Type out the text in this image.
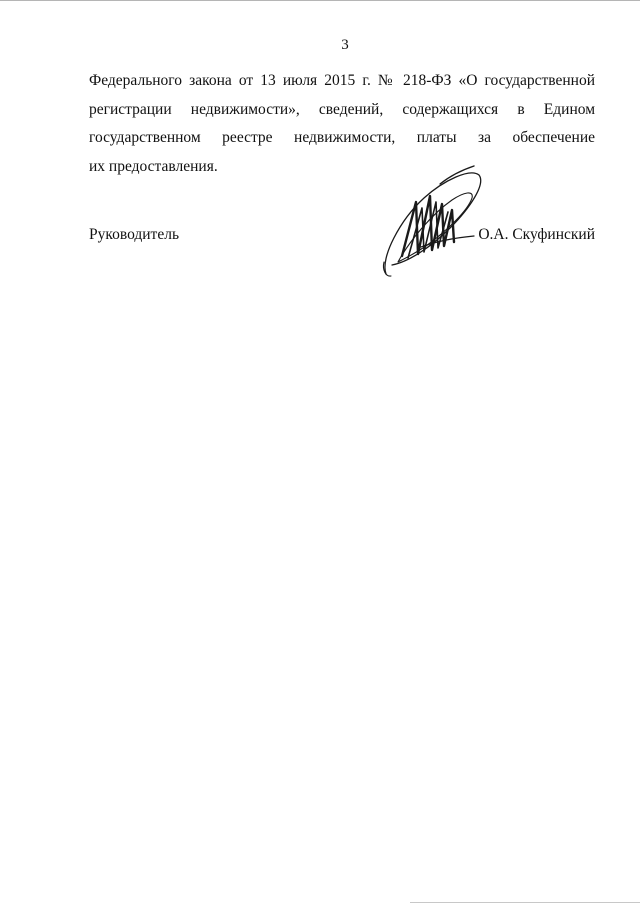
3
Федерального закона от 13 июля 2015 г. № 218-ФЗ «О государственной
регистрации недвижимости», сведений, содержащихся в Едином
государственном реестре недвижимости, платы за обеспечение
их предоставления.
Руководитель	О.А. Скуфинский
